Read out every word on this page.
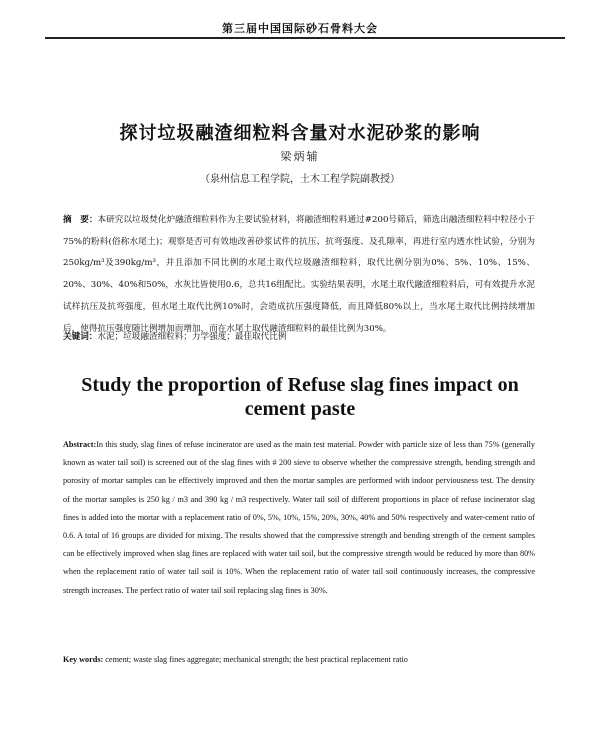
第三届中国国际砂石骨料大会
探讨垃圾融渣细粒料含量对水泥砂浆的影响
梁炳辅
（泉州信息工程学院，土木工程学院副教授）
摘　要：本研究以垃圾焚化炉融渣细粒料作为主要试验材料，将融渣细粒料通过#200号筛后，筛选出融渣细粒料中粒径小于75%的粉料(俗称水尾土)；观察是否可有效地改善砂浆试件的抗压、抗弯强度、及孔隙率，再进行室内透水性试验，分别为250kg/m³及390kg/m³，并且添加不同比例的水尾土取代垃圾融渣细粒料，取代比例分别为0%、5%、10%、15%、20%、30%、40%和50%，水灰比皆使用0.6，总共16组配比。实验结果表明，水尾土取代融渣细粒料后，可有效提升水泥试样抗压及抗弯强度，但水尾土取代比例10%时，会造成抗压强度降低，而且降低80%以上，当水尾土取代比例持续增加后，使得抗压强度随比例增加而增加，而在水尾土取代融渣细粒料的最佳比例为30%。
关键词：水泥；垃圾融渣细粒料；力学强度；最佳取代比例
Study the proportion of Refuse slag fines impact on
cement paste
Abstract:In this study, slag fines of refuse incinerator are used as the main test material. Powder with particle size of less than 75% (generally known as water tail soil) is screened out of the slag fines with # 200 sieve to observe whether the compressive strength, bending strength and porosity of mortar samples can be effectively improved and then the mortar samples are performed with indoor perviousness test. The density of the mortar samples is 250 kg / m3 and 390 kg / m3 respectively. Water tail soil of different proportions in place of refuse incinerator slag fines is added into the mortar with a replacement ratio of 0%, 5%, 10%, 15%, 20%, 30%, 40% and 50% respectively and water-cement ratio of 0.6. A total of 16 groups are divided for mixing. The results showed that the compressive strength and bending strength of the cement samples can be effectively improved when slag fines are replaced with water tail soil, but the compressive strength would be reduced by more than 80% when the replacement ratio of water tail soil is 10%. When the replacement ratio of water tail soil continuously increases, the compressive strength increases. The perfect ratio of water tail soil replacing slag fines is 30%.
Key words: cement; waste slag fines aggregate; mechanical strength; the best practical replacement ratio
